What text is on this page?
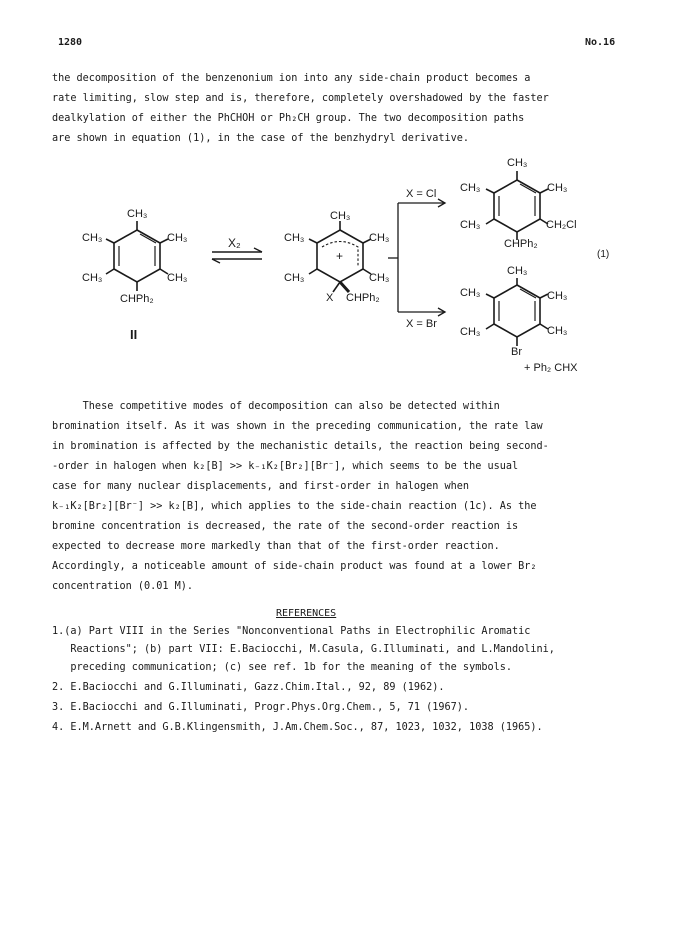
1280	No.16
the decomposition of the benzenonium ion into any side-chain product becomes a
rate limiting, slow step and is, therefore, completely overshadowed by the faster
dealkylation of either the PhCHOH or Ph₂CH group. The two decomposition paths
are shown in equation (1), in the case of the benzhydryl derivative.
CH₃
CH₃	CH₃
CH₃	CH₃
CHPh₂
II
X₂
CH₃
CH₃	CH₃
CH₃	CH₃
+
X CHPh₂
X = Cl
X = Br
CH₃
CH₃	CH₃
CH₃	CH₂Cl
CHPh₂
(1)
CH₃
CH₃	CH₃
CH₃	CH₃
Br
+ Ph₂ CHX
These competitive modes of decomposition can also be detected within
bromination itself. As it was shown in the preceding communication, the rate law
in bromination is affected by the mechanistic details, the reaction being second-
-order in halogen when k₂[B] >> k₋₁K₂[Br₂][Br⁻], which seems to be the usual
case for many nuclear displacements, and first-order in halogen when
k₋₁K₂[Br₂][Br⁻] >> k₂[B], which applies to the side-chain reaction (1c). As the
bromine concentration is decreased, the rate of the second-order reaction is
expected to decrease more markedly than that of the first-order reaction.
Accordingly, a noticeable amount of side-chain product was found at a lower Br₂
concentration (0.01 M).
REFERENCES
1.(a) Part VIII in the Series "Nonconventional Paths in Electrophilic Aromatic
Reactions"; (b) part VII: E.Baciocchi, M.Casula, G.Illuminati, and L.Mandolini,
preceding communication; (c) see ref. 1b for the meaning of the symbols.
2. E.Baciocchi and G.Illuminati, Gazz.Chim.Ital., 92, 89 (1962).
3. E.Baciocchi and G.Illuminati, Progr.Phys.Org.Chem., 5, 71 (1967).
4. E.M.Arnett and G.B.Klingensmith, J.Am.Chem.Soc., 87, 1023, 1032, 1038 (1965).
